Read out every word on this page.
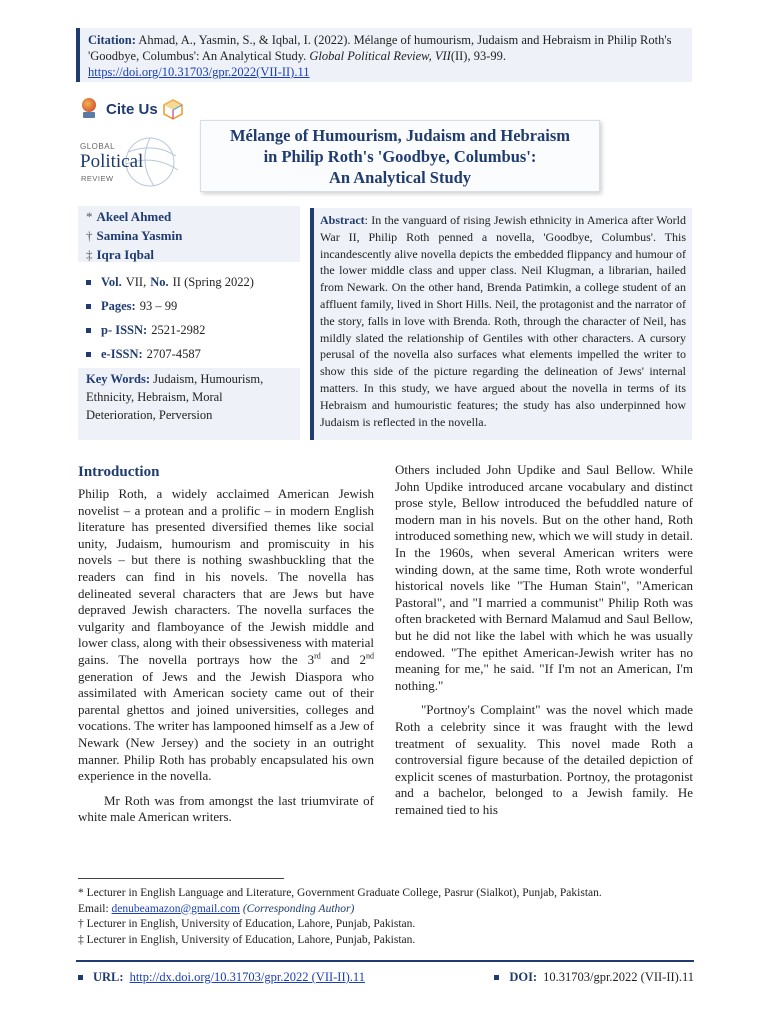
Citation: Ahmad, A., Yasmin, S., & Iqbal, I. (2022). Mélange of humourism, Judaism and Hebraism in Philip Roth's 'Goodbye, Columbus': An Analytical Study. Global Political Review, VII(II), 93-99.
https://doi.org/10.31703/gpr.2022(VII-II).11
Cite Us
GLOBAL
Political
REVIEW
Mélange of Humourism, Judaism and Hebraism
in Philip Roth's 'Goodbye, Columbus':
An Analytical Study
* Akeel Ahmed
† Samina Yasmin
‡ Iqra Iqbal
Vol. VII, No. II (Spring 2022)
Pages: 93 – 99
p- ISSN: 2521-2982
e-ISSN: 2707-4587
Key Words: Judaism, Humourism, Ethnicity, Hebraism, Moral Deterioration, Perversion
Abstract: In the vanguard of rising Jewish ethnicity in America after World War II, Philip Roth penned a novella, 'Goodbye, Columbus'. This incandescently alive novella depicts the embedded flippancy and humour of the lower middle class and upper class. Neil Klugman, a librarian, hailed from Newark. On the other hand, Brenda Patimkin, a college student of an affluent family, lived in Short Hills. Neil, the protagonist and the narrator of the story, falls in love with Brenda. Roth, through the character of Neil, has mildly slated the relationship of Gentiles with other characters. A cursory perusal of the novella also surfaces what elements impelled the writer to show this side of the picture regarding the delineation of Jews' internal matters. In this study, we have argued about the novella in terms of its Hebraism and humouristic features; the study has also underpinned how Judaism is reflected in the novella.
Introduction

Philip Roth, a widely acclaimed American Jewish novelist – a protean and a prolific – in modern English literature has presented diversified themes like social unity, Judaism, humourism and promiscuity in his novels – but there is nothing swashbuckling that the readers can find in his novels. The novella has delineated several characters that are Jews but have depraved Jewish characters. The novella surfaces the vulgarity and flamboyance of the Jewish middle and lower class, along with their obsessiveness with material gains. The novella portrays how the 3rd and 2nd generation of Jews and the Jewish Diaspora who assimilated with American society came out of their parental ghettos and joined universities, colleges and vocations. The writer has lampooned himself as a Jew of Newark (New Jersey) and the society in an outright manner. Philip Roth has probably encapsulated his own experience in the novella.

Mr Roth was from amongst the last triumvirate of white male American writers.

Others included John Updike and Saul Bellow. While John Updike introduced arcane vocabulary and distinct prose style, Bellow introduced the befuddled nature of modern man in his novels. But on the other hand, Roth introduced something new, which we will study in detail. In the 1960s, when several American writers were winding down, at the same time, Roth wrote wonderful historical novels like "The Human Stain", "American Pastoral", and "I married a communist" Philip Roth was often bracketed with Bernard Malamud and Saul Bellow, but he did not like the label with which he was usually endowed. "The epithet American-Jewish writer has no meaning for me," he said. "If I'm not an American, I'm nothing."

"Portnoy's Complaint" was the novel which made Roth a celebrity since it was fraught with the lewd treatment of sexuality. This novel made Roth a controversial figure because of the detailed depiction of explicit scenes of masturbation. Portnoy, the protagonist and a bachelor, belonged to a Jewish family. He remained tied to his

* Lecturer in English Language and Literature, Government Graduate College, Pasrur (Sialkot), Punjab, Pakistan.
Email: denubeamazon@gmail.com (Corresponding Author)
† Lecturer in English, University of Education, Lahore, Punjab, Pakistan.
‡ Lecturer in English, University of Education, Lahore, Punjab, Pakistan.
URL: http://dx.doi.org/10.31703/gpr.2022 (VII-II).11	DOI: 10.31703/gpr.2022 (VII-II).11
